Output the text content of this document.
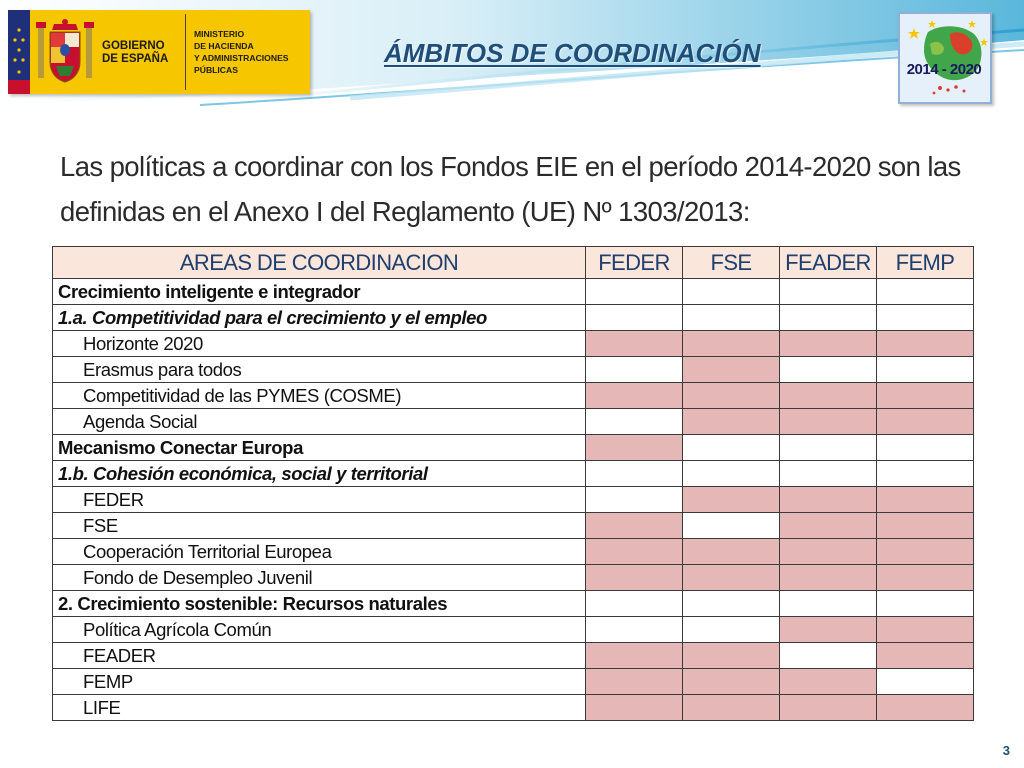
GOBIERNO
DE ESPAÑA
MINISTERIO
DE HACIENDA
Y ADMINISTRACIONES
PÚBLICAS
ÁMBITOS DE COORDINACIÓN
2014 - 2020
Las políticas a coordinar con los Fondos EIE en el período 2014-2020 son las definidas en el Anexo I del Reglamento (UE) Nº 1303/2013:
AREAS DE COORDINACION	FEDER	FSE	FEADER	FEMP
Crecimiento inteligente e integrador				
1.a. Competitividad para el crecimiento y el empleo				
Horizonte 2020				
Erasmus para todos				
Competitividad de las PYMES (COSME)				
Agenda Social				
Mecanismo Conectar Europa				
1.b. Cohesión económica, social y territorial				
FEDER				
FSE				
Cooperación Territorial Europea				
Fondo de Desempleo Juvenil				
2. Crecimiento sostenible: Recursos naturales				
Política Agrícola Común				
FEADER				
FEMP				
LIFE				
3
